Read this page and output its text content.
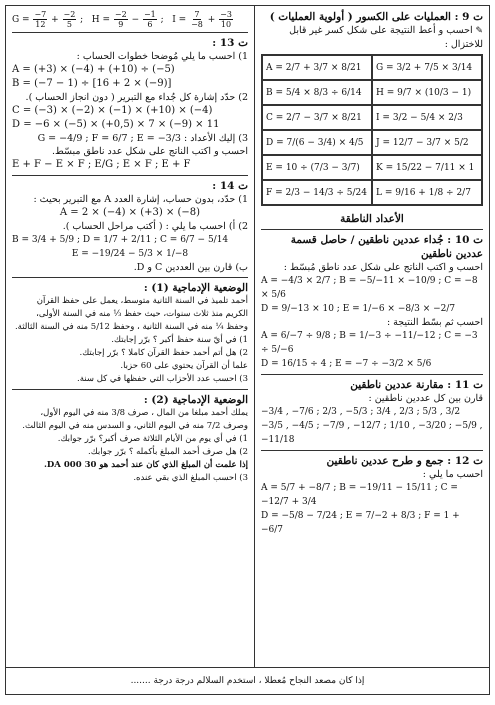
$G = \frac{-7}{12} + \frac{-2}{5}$ ;   $H = \frac{-2}{9} - \frac{-1}{6}$ ;   $I = \frac{7}{-8} + \frac{-3}{10}$
ت 13 :
1) احسب ما يلي مُوضحا خطوات الحساب :
A = (+3) × (−4) + (+10) ÷ (−5)
B = (−7 − 1) ÷ [16 + 2 × (−9)]
2) حدّد إشارة كل جُداء مع التبرير ( دون انجاز الحساب ).
C = (−3) × (−2) × (−1) × (+10) × (−4)
D = −6 × (−5) × (+0,5) × 7 × (−9) × 11
3) إليك الأعداد : G = −4/9 ; F = 6/7 ; E = −3/3
احسب و اكتب الناتج على شكل عدد ناطق مبسّط.
E + F − E × F ; E/G ; E × F ; E + F
ت 14 :
1) حدّد، بدون حساب، إشارة العدد A مع التبرير بحيث :
A = 2 × (−4) × (+3) × (−8)
2) أ) احسب ما يلي : ( أكتب مراحل الحساب ).
B = 3/4 + 5/9 ; D = 1/7 + 2/11 ; C = 6/7 − 5/14
E = −19/24 − 5/3 × 1/−8
ب) قارن بين العددين C و D.
الوضعية الإدماجية (1) :
أحمد تلميذ في السنة الثانية متوسط، يعمل على حفظ القرآن الكريم منذ ثلاث سنوات، حيث حفظ ⅓ منه في السنة الأولى، وحفظ ¼ منه في السنة الثانية ، وحفظ 5/12 منه في السنة الثالثة.
1) في أيّ سنة حفظ أكبر ؟ برّر إجابتك.
2) هل أتم أحمد حفظ القرآن كاملا ؟ برّر إجابتك.
علما أن القرآن يحتوي على 60 حزبا.
3) احسب عدد الأحزاب التي حفظها في كل سنة.
الوضعية الإدماجية (2) :
يملك أحمد مبلغا من المال ، صرف 3/8 منه في اليوم الأول،
وصرف 7/2 منه في اليوم الثاني، و السدس منه في اليوم الثالث.
1) في أي يوم من الأيام الثلاثة صرف أكبر؟ برّر جوابك.
2) هل صرف أحمد المبلغ بأكمله ؟ برّر جوابك.
إذا علمت أن المبلغ الذي كان عند أحمد هو 30 000 DA.
3) احسب المبلغ الذي بقي عنده.
ت 9 : العمليات على الكسور ( أولوية العمليات )
✎ احسب و أعط النتيجة على شكل كسر غير قابل للاختزال :
A = 2/7 + 3/7 × 8/21	G = 3/2 + 7/5 × 3/14
B = 5/4 × 8/3 ÷ 6/14	H = 9/7 × (10/3 − 1)
C = 2/7 − 3/7 × 8/21	I = 3/2 − 5/4 × 2/3
D = 7/(6 − 3/4) × 4/5	J = 12/7 − 3/7 × 5/2
E = 10 ÷ (7/3 − 3/7)	K = 15/22 − 7/11 × 1
F = 2/3 − 14/3 ÷ 5/24	L = 9/16 + 1/8 ÷ 2/7
الأعداد الناطقة
ت 10 : جُداء عددين ناطقين / حاصل قسمة عددين ناطقين
احسب و اكتب الناتج على شكل عدد ناطق مُبسّط :
A = −4/3 × 2/7 ; B = −5/−11 × −10/9 ; C = −8 × 5/6
D = 9/−13 × 10 ; E = 1/−6 × −8/3 × −2/7
احسب ثم بسّط النتيجة :
A = 6/−7 ÷ 9/8 ; B = 1/−3 ÷ −11/−12 ; C = −3 ÷ 5/−6
D = 16/15 ÷ 4 ; E = −7 ÷ −3/2 × 5/6
ت 11 : مقارنة عددين ناطقين
قارن بين كل عددين ناطقين :
−3/4 , −7/6 ; 2/3 , −5/3 ; 3/4 , 2/3 ; 5/3 , 3/2
−3/5 , −4/5 ; −7/9 , −12/7 ; 1/10 , −3/20 ; −5/9 , −11/18
ت 12 : جمع و طرح عددين ناطقين
احسب ما يلي :
A = 5/7 + −8/7 ; B = −19/11 − 15/11 ; C = −12/7 + 3/4
D = −5/8 − 7/24 ; E = 7/−2 + 8/3 ; F = 1 + −6/7
إذا كان مصعد النجاح مُعطلا ، استخدم السلالم درجة درجة .......
